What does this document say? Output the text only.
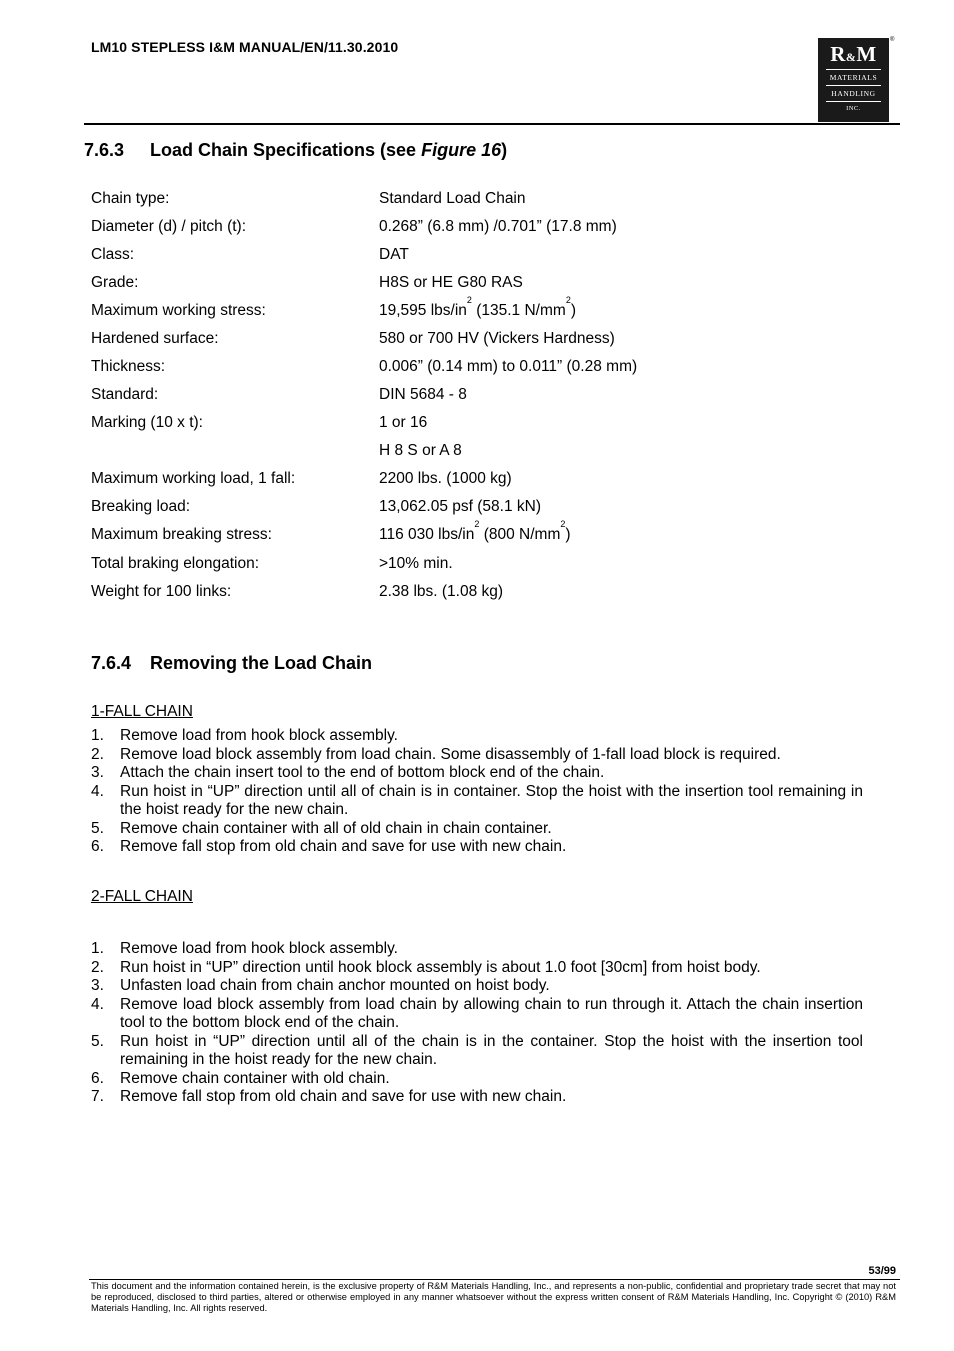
LM10 STEPLESS I&M MANUAL/EN/11.30.2010	R&M
MATERIALS
HANDLING
INC.
®
7.6.3 Load Chain Specifications (see Figure 16)
Chain type:	Standard Load Chain
Diameter (d) / pitch (t):	0.268” (6.8 mm) /0.701” (17.8 mm)
Class:	DAT
Grade:	H8S or HE G80 RAS
Maximum working stress:	19,595 lbs/$in^2$ (135.1 $N/mm^2$)
Hardened surface:	580 or 700 HV (Vickers Hardness)
Thickness:	0.006” (0.14 mm) to 0.011” (0.28 mm)
Standard:	DIN 5684 - 8
Marking (10 x t):	1 or 16
H 8 S or A 8
Maximum working load, 1 fall:	2200 lbs. (1000 kg)
Breaking load:	13,062.05 psf (58.1 kN)
Maximum breaking stress:	116 030 lbs/$in^2$ (800 $N/mm^2$)
Total braking elongation:	>10% min.
Weight for 100 links:	2.38 lbs. (1.08 kg)
7.6.4 Removing the Load Chain
1-FALL CHAIN
1. Remove load from hook block assembly.
2. Remove load block assembly from load chain. Some disassembly of 1-fall load block is required.
3. Attach the chain insert tool to the end of bottom block end of the chain.
4. Run hoist in “UP” direction until all of chain is in container. Stop the hoist with the insertion tool remaining in the hoist ready for the new chain.
5. Remove chain container with all of old chain in chain container.
6. Remove fall stop from old chain and save for use with new chain.
2-FALL CHAIN
1. Remove load from hook block assembly.
2. Run hoist in “UP” direction until hook block assembly is about 1.0 foot [30cm] from hoist body.
3. Unfasten load chain from chain anchor mounted on hoist body.
4. Remove load block assembly from load chain by allowing chain to run through it. Attach the chain insertion tool to the bottom block end of the chain.
5. Run hoist in “UP” direction until all of the chain is in the container. Stop the hoist with the insertion tool remaining in the hoist ready for the new chain.
6. Remove chain container with old chain.
7. Remove fall stop from old chain and save for use with new chain.
53/99
This document and the information contained herein, is the exclusive property of R&M Materials Handling, Inc., and represents a non-public, confidential and proprietary trade secret that may not be reproduced, disclosed to third parties, altered or otherwise employed in any manner whatsoever without the express written consent of R&M Materials Handling, Inc. Copyright © (2010) R&M Materials Handling, Inc. All rights reserved.
